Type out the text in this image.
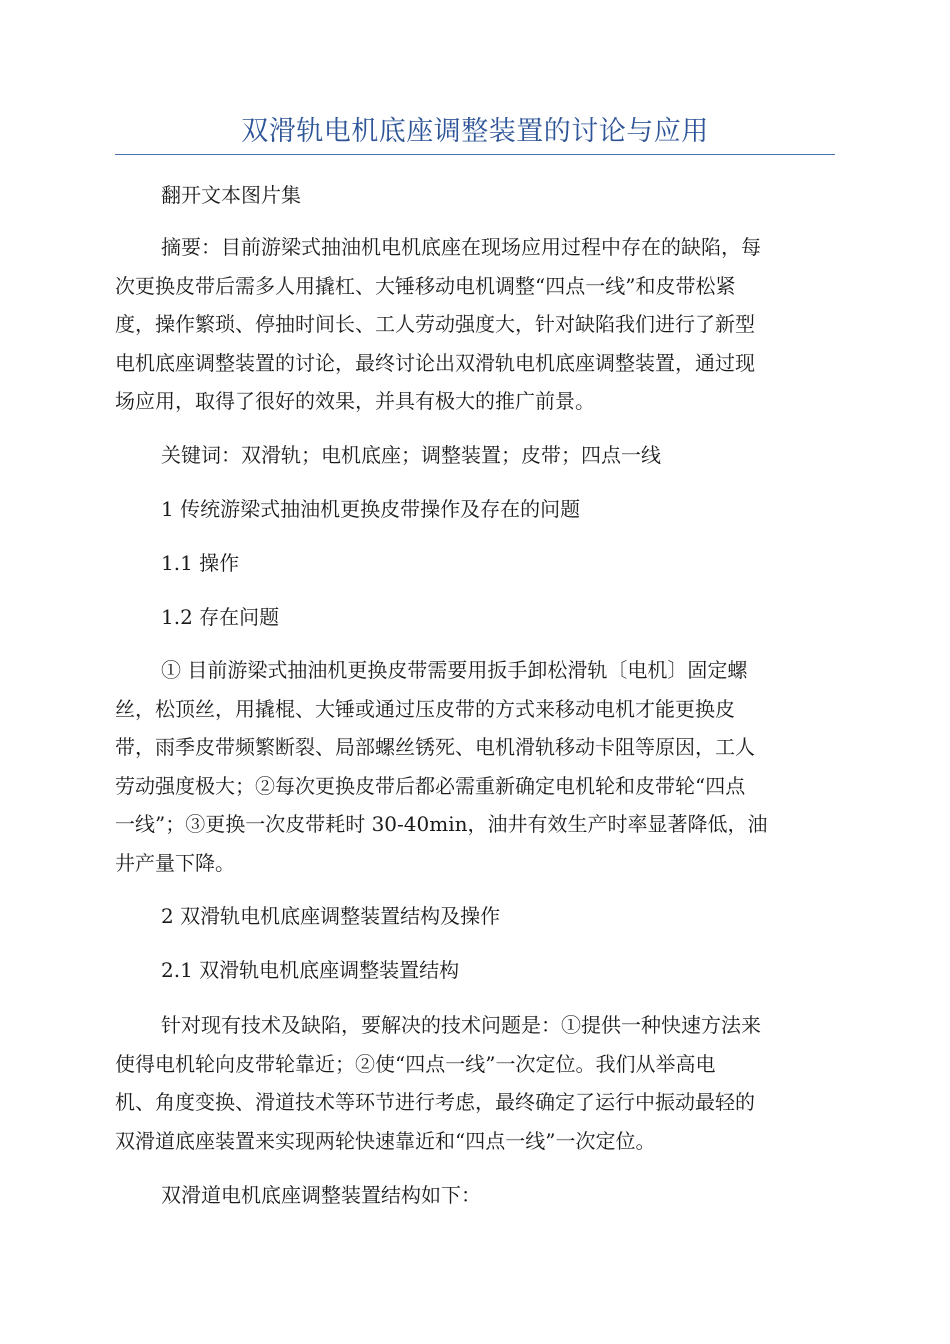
双滑轨电机底座调整装置的讨论与应用

翻开文本图片集

摘要：目前游梁式抽油机电机底座在现场应用过程中存在的缺陷，每
次更换皮带后需多人用撬杠、大锤移动电机调整“四点一线”和皮带松紧
度，操作繁琐、停抽时间长、工人劳动强度大，针对缺陷我们进行了新型
电机底座调整装置的讨论，最终讨论出双滑轨电机底座调整装置，通过现
场应用，取得了很好的效果，并具有极大的推广前景。

关键词：双滑轨；电机底座；调整装置；皮带；四点一线

1 传统游梁式抽油机更换皮带操作及存在的问题

1.1 操作

1.2 存在问题

① 目前游梁式抽油机更换皮带需要用扳手卸松滑轨〔电机〕固定螺
丝，松顶丝，用撬棍、大锤或通过压皮带的方式来移动电机才能更换皮
带，雨季皮带频繁断裂、局部螺丝锈死、电机滑轨移动卡阻等原因，工人
劳动强度极大；②每次更换皮带后都必需重新确定电机轮和皮带轮“四点
一线”；③更换一次皮带耗时 30-40min，油井有效生产时率显著降低，油
井产量下降。

2 双滑轨电机底座调整装置结构及操作

2.1 双滑轨电机底座调整装置结构

针对现有技术及缺陷，要解决的技术问题是：①提供一种快速方法来
使得电机轮向皮带轮靠近；②使“四点一线”一次定位。我们从举高电
机、角度变换、滑道技术等环节进行考虑，最终确定了运行中振动最轻的
双滑道底座装置来实现两轮快速靠近和“四点一线”一次定位。

双滑道电机底座调整装置结构如下：
